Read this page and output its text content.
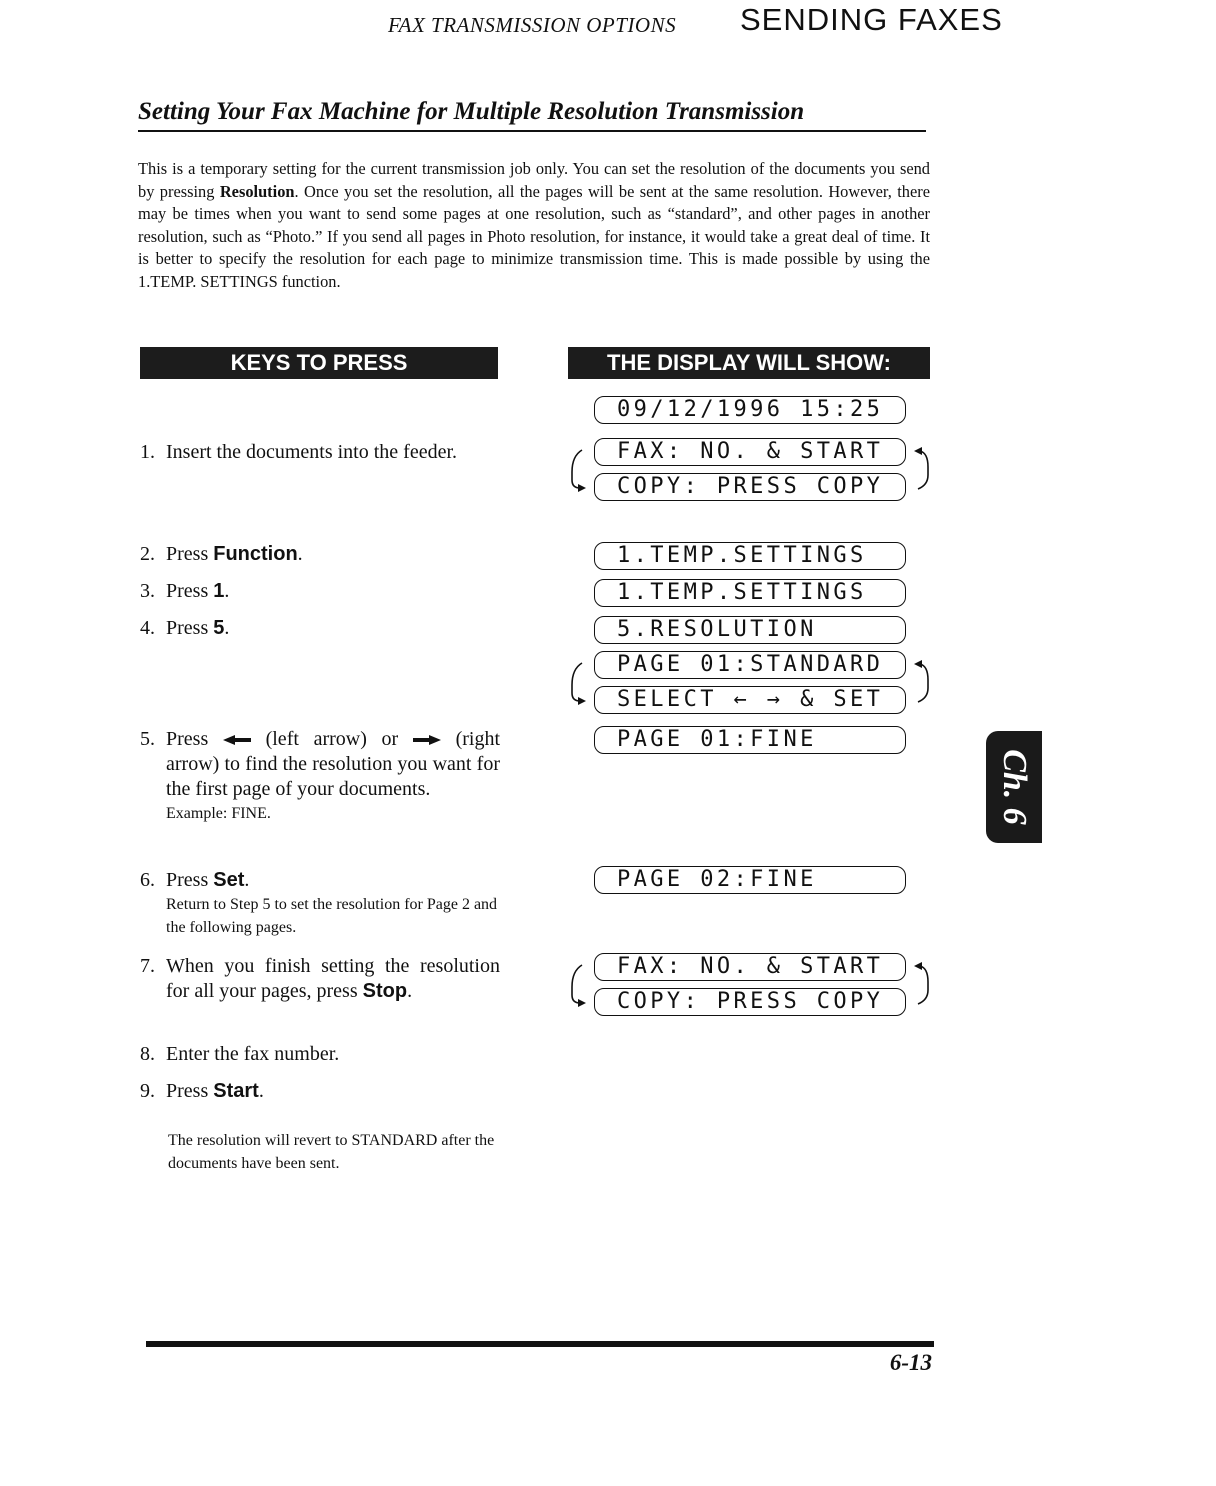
FAX TRANSMISSION OPTIONS SENDING FAXES
Setting Your Fax Machine for Multiple Resolution Transmission
This is a temporary setting for the current transmission job only. You can set the resolution of the documents you send by pressing Resolution. Once you set the resolution, all the pages will be sent at the same resolution. However, there may be times when you want to send some pages at one resolution, such as “standard”, and other pages in another resolution, such as “Photo.” If you send all pages in Photo resolution, for instance, it would take a great deal of time. It is better to specify the resolution for each page to minimize transmission time. This is made possible by using the 1.TEMP. SETTINGS function.
KEYS TO PRESS	THE DISPLAY WILL SHOW:
1. Insert the documents into the feeder.
2. Press Function.
3. Press 1.
4. Press 5.
5. Press  (left arrow) or  (right arrow) to find the resolution you want for the first page of your documents.
Example: FINE.
6. Press Set.
Return to Step 5 to set the resolution for Page 2 and the following pages.
7. When you finish setting the resolution for all your pages, press Stop.
8. Enter the fax number.
9. Press Start.
The resolution will revert to STANDARD after the documents have been sent.
09/12/1996 15:25
FAX: NO. & START
COPY: PRESS COPY
1.TEMP.SETTINGS
1.TEMP.SETTINGS
5.RESOLUTION
PAGE 01:STANDARD
SELECT ← → & SET
PAGE 01:FINE
PAGE 02:FINE
FAX: NO. & START
COPY: PRESS COPY
Ch. 6
6-13
